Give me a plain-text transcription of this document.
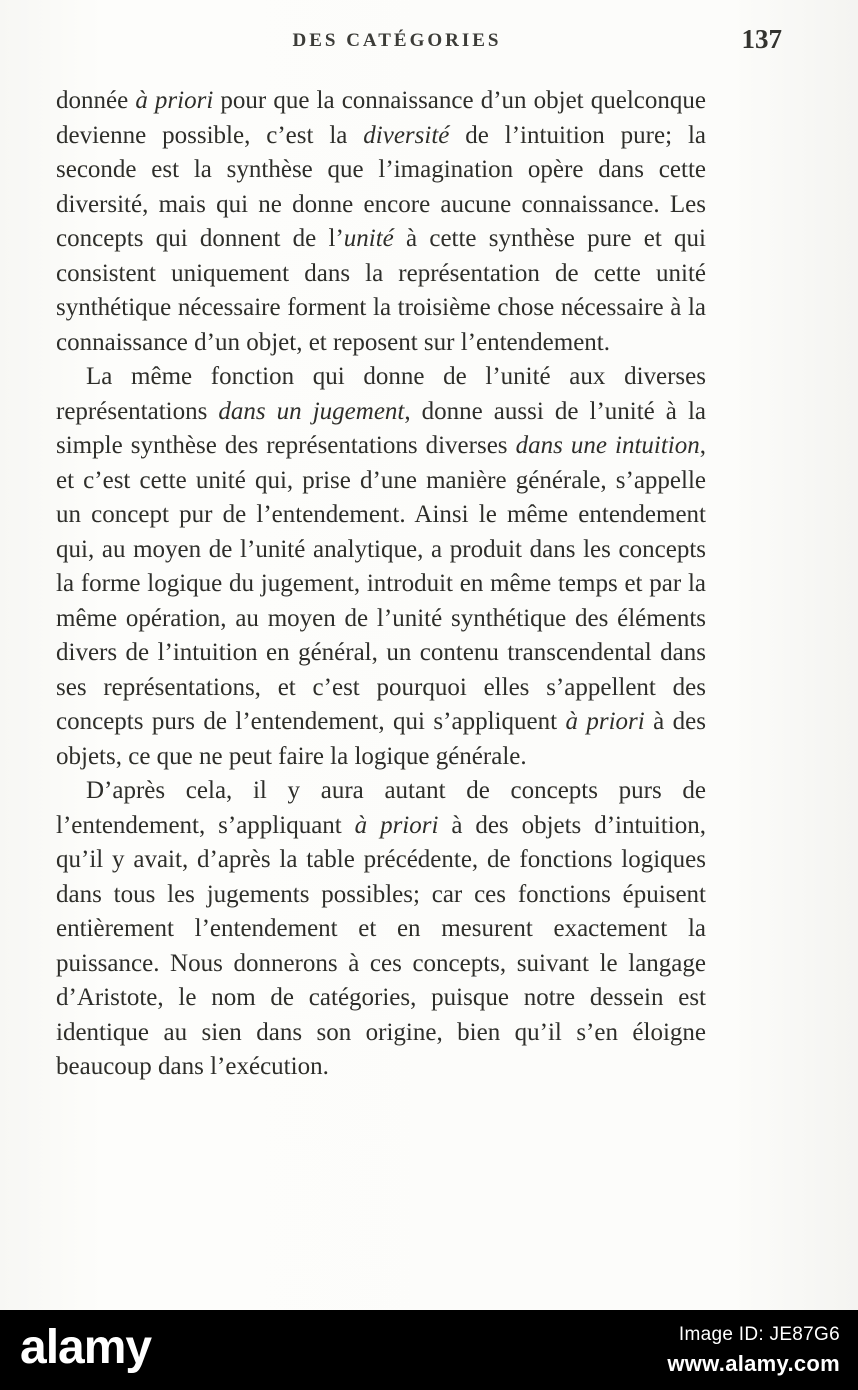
DES CATÉGORIES	137

donnée à priori pour que la connaissance d’un objet quelconque devienne possible, c’est la diversité de l’intuition pure; la seconde est la synthèse que l’imagination opère dans cette diversité, mais qui ne donne encore aucune connaissance. Les concepts qui donnent de l’unité à cette synthèse pure et qui consistent uniquement dans la représentation de cette unité synthétique nécessaire forment la troisième chose nécessaire à la connaissance d’un objet, et reposent sur l’entendement.

La même fonction qui donne de l’unité aux diverses représentations dans un jugement, donne aussi de l’unité à la simple synthèse des représentations diverses dans une intuition, et c’est cette unité qui, prise d’une manière générale, s’appelle un concept pur de l’entendement. Ainsi le même entendement qui, au moyen de l’unité analytique, a produit dans les concepts la forme logique du jugement, introduit en même temps et par la même opération, au moyen de l’unité synthétique des éléments divers de l’intuition en général, un contenu transcendental dans ses représentations, et c’est pourquoi elles s’appellent des concepts purs de l’entendement, qui s’appliquent à priori à des objets, ce que ne peut faire la logique générale.

D’après cela, il y aura autant de concepts purs de l’entendement, s’appliquant à priori à des objets d’intuition, qu’il y avait, d’après la table précédente, de fonctions logiques dans tous les jugements possibles; car ces fonctions épuisent entièrement l’entendement et en mesurent exactement la puissance. Nous donnerons à ces concepts, suivant le langage d’Aristote, le nom de catégories, puisque notre dessein est identique au sien dans son origine, bien qu’il s’en éloigne beaucoup dans l’exécution.

alamy	Image ID: JE87G6
www.alamy.com
